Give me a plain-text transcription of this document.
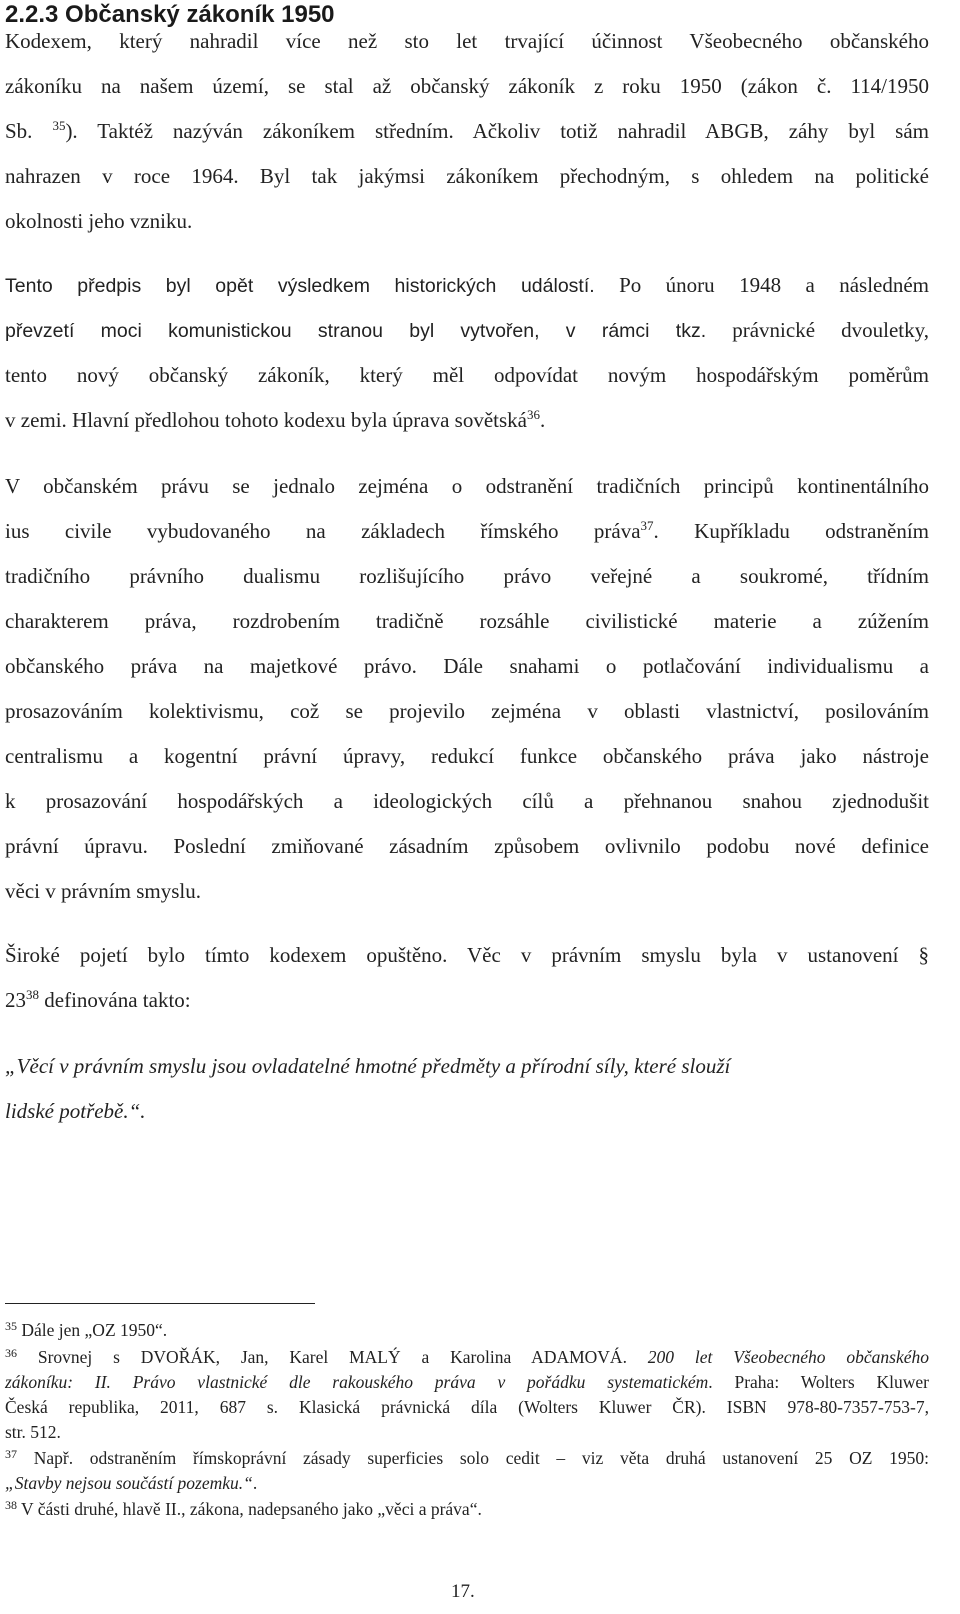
2.2.3 Občanský zákoník 1950
Kodexem, který nahradil více než sto let trvající účinnost Všeobecného občanského
zákoníku na našem území, se stal až občanský zákoník z roku 1950 (zákon č. 114/1950
Sb. $^{35}$). Taktéž nazýván zákoníkem středním. Ačkoliv totiž nahradil ABGB, záhy byl sám
nahrazen v roce 1964. Byl tak jakýmsi zákoníkem přechodným, s ohledem na politické
okolnosti jeho vzniku.
Tento předpis byl opět výsledkem historických událostí. Po únoru 1948 a následném
převzetí moci komunistickou stranou byl vytvořen, v rámci tkz. právnické dvouletky,
tento nový občanský zákoník, který měl odpovídat novým hospodářským poměrům
v zemi. Hlavní předlohou tohoto kodexu byla úprava sovětská$^{36}$.
V občanském právu se jednalo zejména o odstranění tradičních principů kontinentálního
ius civile vybudovaného na základech římského práva$^{37}$. Kupříkladu odstraněním
tradičního právního dualismu rozlišujícího právo veřejné a soukromé, třídním
charakterem práva, rozdrobením tradičně rozsáhle civilistické materie a zúžením
občanského práva na majetkové právo. Dále snahami o potlačování individualismu a
prosazováním kolektivismu, což se projevilo zejména v oblasti vlastnictví, posilováním
centralismu a kogentní právní úpravy, redukcí funkce občanského práva jako nástroje
k prosazování hospodářských a ideologických cílů a přehnanou snahou zjednodušit
právní úpravu. Poslední zmiňované zásadním způsobem ovlivnilo podobu nové definice
věci v právním smyslu.
Široké pojetí bylo tímto kodexem opuštěno. Věc v právním smyslu byla v ustanovení §
$23^{38}$ definována takto:
„Věcí v právním smyslu jsou ovladatelné hmotné předměty a přírodní síly, které slouží
lidské potřebě.“.
$^{35}$ Dále jen „OZ 1950“.
$^{36}$ Srovnej s DVOŘÁK, Jan, Karel MALÝ a Karolina ADAMOVÁ. 200 let Všeobecného občanského
zákoníku: II. Právo vlastnické dle rakouského práva v pořádku systematickém. Praha: Wolters Kluwer
Česká republika, 2011, 687 s. Klasická právnická díla (Wolters Kluwer ČR). ISBN 978-80-7357-753-7,
str. 512.
$^{37}$ Např. odstraněním římskoprávní zásady superficies solo cedit – viz věta druhá ustanovení 25 OZ 1950:
„Stavby nejsou součástí pozemku.“.
$^{38}$ V části druhé, hlavě II., zákona, nadepsaného jako „věci a práva“.
17.
